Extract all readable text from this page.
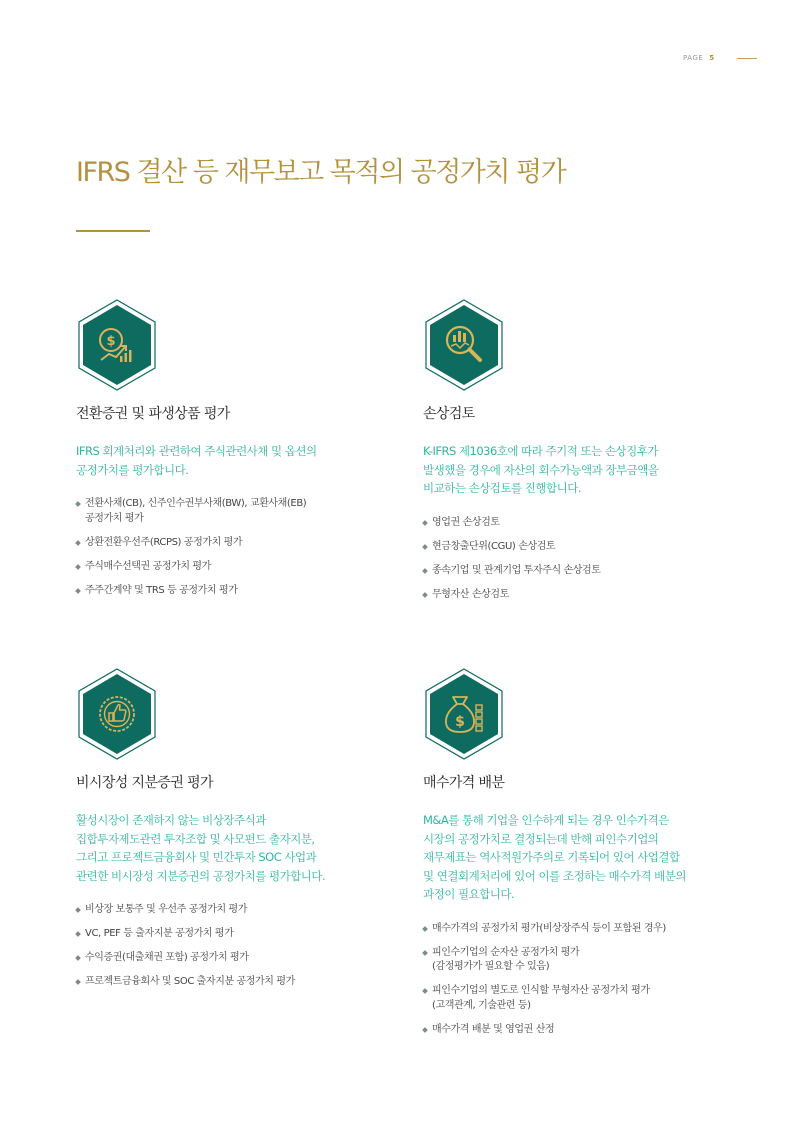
PAGE 5
IFRS 결산 등 재무보고 목적의 공정가치 평가
$
전환증권 및 파생상품 평가
IFRS 회계처리와 관련하여 주식관련사채 및 옵션의
공정가치를 평가합니다.
전환사채(CB), 신주인수권부사채(BW), 교환사채(EB)
공정가치 평가
상환전환우선주(RCPS) 공정가치 평가
주식매수선택권 공정가치 평가
주주간계약 및 TRS 등 공정가치 평가
손상검토
K-IFRS 제1036호에 따라 주기적 또는 손상징후가
발생했을 경우에 자산의 회수가능액과 장부금액을
비교하는 손상검토를 진행합니다.
영업권 손상검토
현금창출단위(CGU) 손상검토
종속기업 및 관계기업 투자주식 손상검토
무형자산 손상검토
비시장성 지분증권 평가
활성시장이 존재하지 않는 비상장주식과
집합투자제도관련 투자조합 및 사모펀드 출자지분,
그리고 프로젝트금융회사 및 민간투자 SOC 사업과
관련한 비시장성 지분증권의 공정가치를 평가합니다.
비상장 보통주 및 우선주 공정가치 평가
VC, PEF 등 출자지분 공정가치 평가
수익증권(대출채권 포함) 공정가치 평가
프로젝트금융회사 및 SOC 출자지분 공정가치 평가
$
매수가격 배분
M&A를 통해 기업을 인수하게 되는 경우 인수가격은
시장의 공정가치로 결정되는데 반해 피인수기업의
재무제표는 역사적원가주의로 기록되어 있어 사업결합
및 연결회계처리에 있어 이를 조정하는 매수가격 배분의
과정이 필요합니다.
매수가격의 공정가치 평가(비상장주식 등이 포함된 경우)
피인수기업의 순자산 공정가치 평가
(감정평가가 필요할 수 있음)
피인수기업의 별도로 인식할 무형자산 공정가치 평가
(고객관계, 기술관련 등)
매수가격 배분 및 영업권 산정
